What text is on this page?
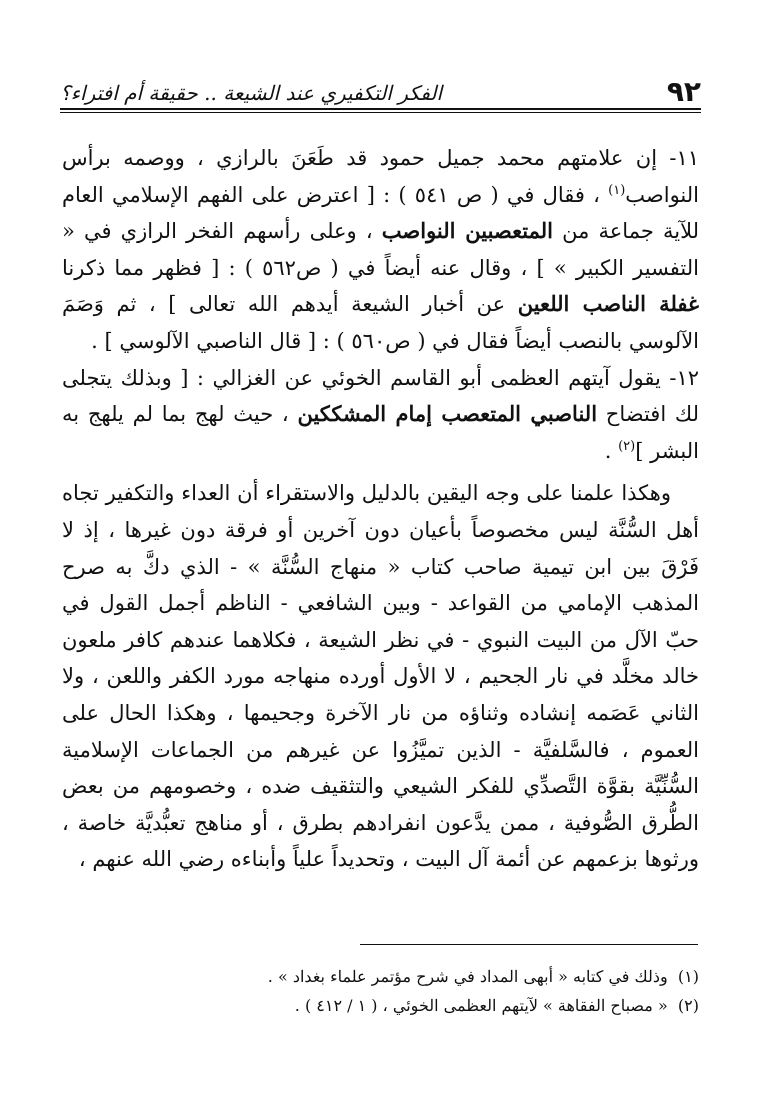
٩٢
الفكر التكفيري عند الشيعة .. حقيقة أم افتراء؟

١١- إن علامتهم محمد جميل حمود قد طَعَنَ بالرازي ، ووصمه برأس النواصب$^{(١)}$ ، فقال في ( ص ٥٤١ ) : [ اعترض على الفهم الإسلامي العام للآية جماعة من المتعصبين النواصب ، وعلى رأسهم الفخر الرازي في « التفسير الكبير » ] ، وقال عنه أيضاً في ( ص٥٦٢ ) : [ فظهر مما ذكرنا غفلة الناصب اللعين عن أخبار الشيعة أيدهم الله تعالى ] ، ثم وَصَمَ الآلوسي بالنصب أيضاً فقال في ( ص٥٦٠ ) : [ قال الناصبي الآلوسي ] .

١٢- يقول آيتهم العظمى أبو القاسم الخوئي عن الغزالي : [ وبذلك يتجلى لك افتضاح الناصبي المتعصب إمام المشككين ، حيث لهج بما لم يلهج به البشر ]$^{(٢)}$ .

وهكذا علمنا على وجه اليقين بالدليل والاستقراء أن العداء والتكفير تجاه أهل السُّنَّة ليس مخصوصاً بأعيان دون آخرين أو فرقة دون غيرها ، إذ لا فَرْقَ بين ابن تيمية صاحب كتاب « منهاج السُّنَّة » - الذي دكَّ به صرح المذهب الإمامي من القواعد - وبين الشافعي - الناظم أجمل القول في حبّ الآل من البيت النبوي - في نظر الشيعة ، فكلاهما عندهم كافر ملعون خالد مخلَّد في نار الجحيم ، لا الأول أورده منهاجه مورد الكفر واللعن ، ولا الثاني عَصَمه إنشاده وثناؤه من نار الآخرة وجحيمها ، وهكذا الحال على العموم ، فالسَّلفيَّة - الذين تميَّزُوا عن غيرهم من الجماعات الإسلامية السُّنِّيَّة بقوَّة التَّصدِّي للفكر الشيعي والتثقيف ضده ، وخصومهم من بعض الطُّرق الصُّوفية ، ممن يدَّعون انفرادهم بطرق ، أو مناهج تعبُّديَّة خاصة ، ورثوها بزعمهم عن أئمة آل البيت ، وتحديداً علياً وأبناءه رضي الله عنهم ،

(١)  وذلك في كتابه « أبهى المداد في شرح مؤتمر علماء بغداد » .

(٢)  « مصباح الفقاهة » لآيتهم العظمى الخوئي ، ( ١ / ٤١٢ ) .
